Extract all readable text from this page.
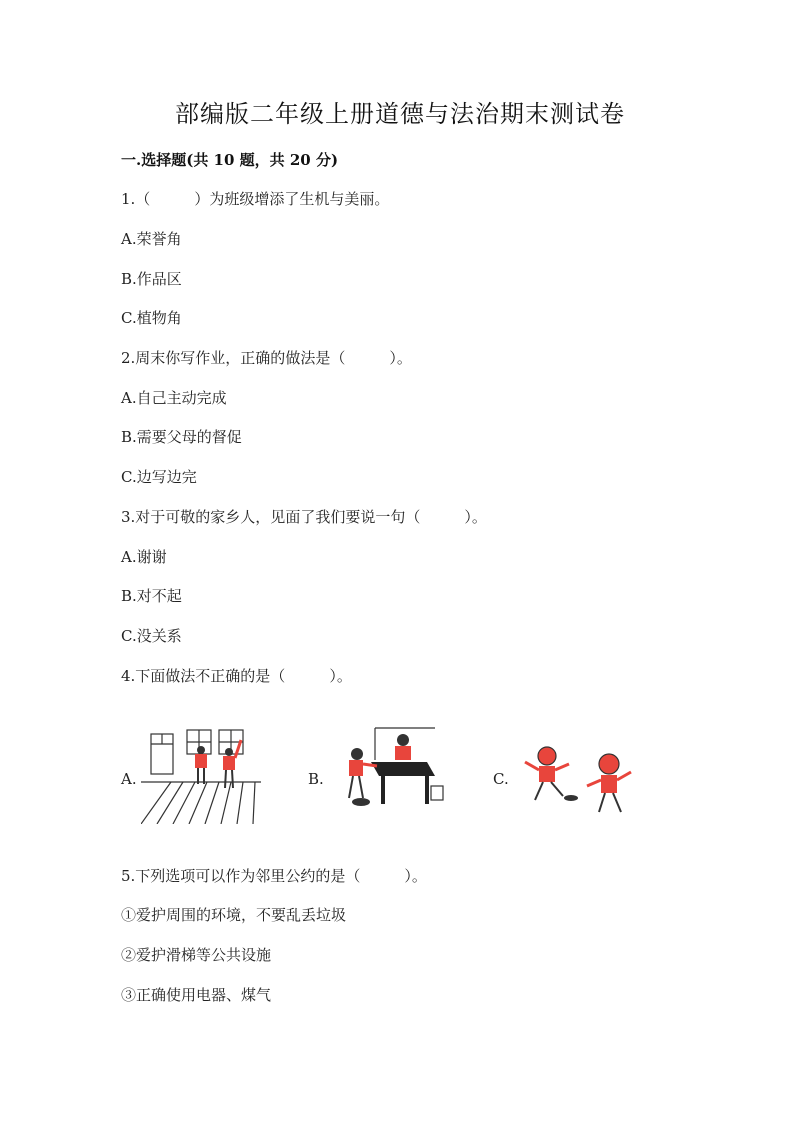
部编版二年级上册道德与法治期末测试卷
一.选择题(共 10 题，共 20 分)
1.（	）为班级增添了生机与美丽。
A.荣誉角
B.作品区
C.植物角
2.周末你写作业，正确的做法是（	）。
A.自己主动完成
B.需要父母的督促
C.边写边完
3.对于可敬的家乡人，见面了我们要说一句（	）。
A.谢谢
B.对不起
C.没关系
4.下面做法不正确的是（	）。
A.	B.	C.
5.下列选项可以作为邻里公约的是（	）。
①爱护周围的环境，不要乱丢垃圾
②爱护滑梯等公共设施
③正确使用电器、煤气
